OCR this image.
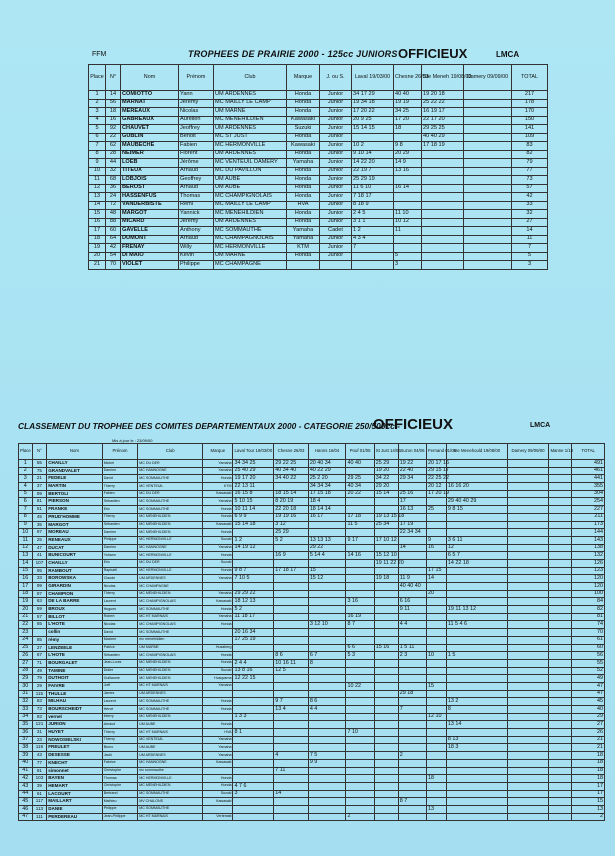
FFM	TROPHEES DE PRAIRIE 2000 - 125cc JUNIORS OFFICIEUX	LMCA
Place	N°	Nom	Prénom	Club	Marque	J. ou S.	Laval 19/03/00	Chesne 26/03	Ste Meneh 19/08/00	Damery 09/09/00	TOTAL
1	14	COMIOTTO	Yann	UM ARDENNES	Honda	Junior	34 17 29	40 40	19 20 18		217
2	56	MARNAT	Jérémy	MC MAILLY LE CAMP	Honda	Junior	19 34 18	19 19	25 22 22		178
3	18	MEREAUX	Nicolas	UM MARNE	Honda	Junior	17 20 22	34 25	16 19 17		170
4	16	GABREAUX	Aurélien	MC MENEHILDIEN	Kawasaki	Junior	20 9 25	17 20	22 17 20		150
5	92	CHAUVET	Jeoffrey	UM ARDENNES	Suzuki	Junior	15 14 15	18	29 25 25		141
6	22	GUBLIN	Benoit	MC ST JUST	Honda	Junior			40 40 29		109
7	62	MAUBECHE	Fabien	MC HERMONVILLE	Kawasaki	Junior	10 2	9 8	17 18 19		83
8	28	NEIMER	Florent	UM ARDENNES	Honda	Junior	9 10 14	20 29			82
9	44	LOEB	Jérôme	MC VENTEUIL DAMERY	Yamaha	Junior	14 22 20	14 9			79
10	32	TITEUX	Arnaud	MC DU PAVILLON	Honda	Junior	22 19 7	13 16			77
11	68	LOBJOIS	Geoffrey	UM AUBE	Honda	Junior	25 29 19				73
12	36	BEROST	Arnaud	UM AUBE	Honda	Junior	11 6 10	16 14			57
13	24	HASSENFUS	Thomas	MC CHAMPIGNOLAIS	Honda	Junior	7 18 17				42
14	72	VANDERBISTE	Rémi	MC MAILLY LE CAMP	HVA	Junior	8 18 9				33
15	48	MARGOT	Yannick	MC MENEHILDIEN	Honda	Junior	2 4 5	11 10			32
16	88	MICARD	Jérémy	UM ARDENNES	Honda	Junior	3 1 1	10 12			27
17	60	GAVELLE	Anthony	MC SOMMAUTHE	Yamaha	Cadet	1 2	11			14
18	64	DUMONT	Arnaud	MC CHAMPAGNOLAIS	Yamaha	Junior	4 3 4				11
19	42	FRENAY	Willy	MC HERMONVILLE	KTM	Junior	7				7
20	54	DI MAIO	Kevin	UM MARNE	Honda	Junior		5			5
21	70	VIOLET	Philippe	MC CHAMPAGNE				3			3
CLASSEMENT DU TROPHEE DES COMITES DEPARTEMENTAUX 2000 - CATEGORIE 250/500cc -
OFFICIEUX	LMCA
Mis à jour le : 23/09/00
Place	N°	Nom	Prénom	Club	Marque	Laval Tour 19/03/00	Chesne 26/03	Hanns 16/04	Pouf 01/05	St Just 14/05	Suzon 04/06	Fernand 01/06	Ste Menehould 19/08/00	Damery 09/09/00	Manne 1/10	TOTAL
1	55	CHAILLY	Michel	MC DU DER	Yamaha	34 34 25	29 22 25	20 40 34	40 40	25 29	19 22	20 17 16				491
2	75	GRANDVALET	Damien	MC HANNOGNE	Yamaha	25 40 29	40 34 40	40 22 29		19 20	22 40	29 15 17				461
3	21	FEDELE	David	MC SOMMAUTHE	Honda	19 17 20	34 40 22	25 2 20	29 25	34 22	29 34	22 25 22				441
4	37	MARTIN	Thierry	MC VENTEUIL	KTM	22 13 11		34 34 34	40 34	29 20		20 12	16 16 20			355
5	89	BERTOLI	Fabien	MC DU DER	Kawasaki	16 15 8	18 15 14	17 15 18	20 22	15 14	25 16	17 20 19				304
6	81	PIERSON	Sébastien	MC SOMMAUTHE	Yamaha	5 10 15	8 20 19	18 4			17		29 40 40 29			254
7	51	FRANKE	Eric	MC SOMMAUTHE	Honda	10 11 14	22 20 18	18 14 14			16 13	25	9 8 15			227
8	45	PRUD'HOMME	Thierry	MC MENEHILDIEN	Honda	6 9 9	19 19 16	16 17	17 18	19 13 15 18						211
9	35	MARGOT	Sébastien	MC MENEHILDIEN	Kawasaki	15 14 18	3 12		11 5	25 34	17 19					173
10	97	MOREAU	Damien	MC MENEHILDIEN	Honda		25 29				22 34 34					144
11	25	RENEAUX	Philippe	MC HERMONVILLE	Suzuki	1 2	5 2	13 13 13	9 17	17 10 12		9	3 6 11			143
12	47	DUCAT	Damien	MC HANNOGNE	Yamaha	14 19 12		29 22			14	16	12			138
13	41	BUNICOURT	Yohann	MC HERMONVILLE	Honda		16 9	5 14 4	14 16	15 12 10			6 5 7			132
14	107	CHAILLY	Eric	MC DU DER	Suzuki					19 11 22 20			14 22 18			126
15	95	RAMBOUT	Raphaël	MC HERMONVILLE	Honda	9 8 7	17 18 17	15				17 15				123
16	33	BOROWSKA	Claude	UM ARDENNES	Yamaha	7 10 5		15 12		19 18	11 9	14				120
17	99	GIRARDIN	Nicolas	MC CHAMPAGNE							40 40 40					120
18	87	CHAMPION	Thierry	MC MENEHILDIEN	Yamaha	29 29 22						20				100
19	63	DE LA BARRE	Laurent	MC CHAMPIGNOLAIS	Kawasaki	18 12 13			3 16		6 16					84
20	59	BROUX	Hugues	MC SOMMAUTHE	Honda	5 2					9 11		19 11 13 12			82
21	57	BILLOT	Robert	MC HT MARNAIS	Yamaha	11 18 17			16 19							81
22	65	L'HOTE	Nicolas	MC CHAMPIGNOLAIS	Honda			3 12 10	8 7		4 4		11 5 4 6			74
23		collin	David	MC SOMMAUTHE		20 16 34										70
24	85	rémy	Maxime	mc ménéhildien		17 25 19										61
25	27	LENZEELE	Patrick	UM MARNE	Husaberg				6 6	15 16	1 5 11					60
26	67	L'HOTE	Sébastien	MC CHAMPIGNOLAIS	Honda		8 6	6 7	5 3		2 3	10	1 5			56
27	71	BOURGALET	Jean-Louis	MC MENEHILDIEN	Honda	2 4 4	10 16 11	8								55
28	49	TAMINE	Didier	MC MENEHILDIEN	Suzuki	13 8 16	12 5									52
29	79	DUTHOIT	Guillaume	MC MENEHILDIEN	Husqvarna	12 22 15										49
30	29	FAIVRE	Joël	MC HT MARNAIS	Yamaha				10 22			15				47
31	115	THULLE	James	UM ARDENNES							29 18					47
32	83	MILHAU	Laurent	MC SOMMAUTHE	Honda		9 7	8 6					13 2			45
33	73	BOURSCHEIDT	Hervé	MC SOMMAUTHE	Honda		13 4	4 4			7		8			40
34	93	vernel	thierry	MC MENEHILDIEN		1 3 3						12 10				29
35	121	JURION	Arnaud	UM AUBE	Honda								13 14			27
36	31	HUYET	Thierry	MC HT MARNAIS	HVA	8 1			7 10							26
37	23	NOWOSIELSKI	Thierry	MC VENTEUIL	Yamaha								8 13			21
38	119	FREULET	Bruno	UM AUBE	Yamaha								18 3			21
39	43	DESESSE	Jacki	UM ARDENNES	Yamaha		4	7 5			2					18
40	77	KNECHT	Fabrice	MC HANNOGNE	Kawasaki			9 9								18
41	91	simonnet	Christophe	mc sommauthe			7 11									18
42	103	BAYEN	Thomas	MC HERMONVILLE	Honda							18				18
43	39	HEMART	Christophe	MC MENEHILDIEN	Honda	4 7 6										17
44	61	LACOURT	Bertrand	MC SOMMAUTHE	Suzuki	3	14									17
45	117	MAILLART	Mathieu	MV CHALONS	Kawasaki						8 7					15
46	113	DANIE	Philippe	MC SOMMAUTHE								13				13
47	111	PERDEREAU	Jean-Philippe	MC HT MARNAIS	Vertemati				2							2
